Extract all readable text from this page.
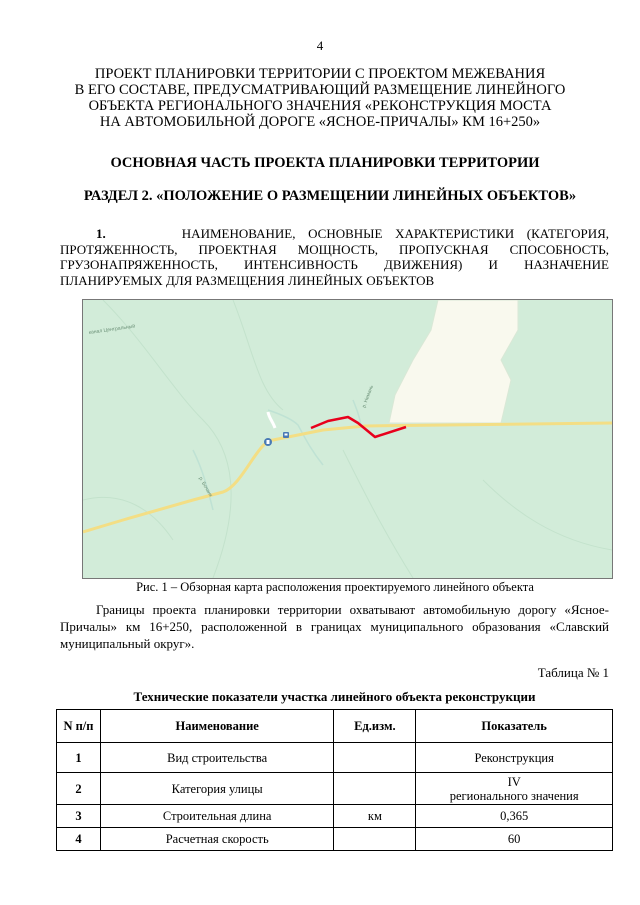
4
ПРОЕКТ ПЛАНИРОВКИ ТЕРРИТОРИИ С ПРОЕКТОМ МЕЖЕВАНИЯ
В ЕГО СОСТАВЕ, ПРЕДУСМАТРИВАЮЩИЙ РАЗМЕЩЕНИЕ ЛИНЕЙНОГО
ОБЪЕКТА РЕГИОНАЛЬНОГО ЗНАЧЕНИЯ «РЕКОНСТРУКЦИЯ МОСТА
НА АВТОМОБИЛЬНОЙ ДОРОГЕ «ЯСНОЕ-ПРИЧАЛЫ» КМ 16+250»
ОСНОВНАЯ ЧАСТЬ ПРОЕКТА ПЛАНИРОВКИ ТЕРРИТОРИИ
РАЗДЕЛ 2. «ПОЛОЖЕНИЕ О РАЗМЕЩЕНИИ ЛИНЕЙНЫХ ОБЪЕКТОВ»
1.	НАИМЕНОВАНИЕ, ОСНОВНЫЕ ХАРАКТЕРИСТИКИ (КАТЕГОРИЯ,
ПРОТЯЖЕННОСТЬ, ПРОЕКТНАЯ МОЩНОСТЬ, ПРОПУСКНАЯ СПОСОБНОСТЬ,
ГРУЗОНАПРЯЖЕННОСТЬ, ИНТЕНСИВНОСТЬ ДВИЖЕНИЯ) И НАЗНАЧЕНИЕ
ПЛАНИРУЕМЫХ ДЛЯ РАЗМЕЩЕНИЯ ЛИНЕЙНЫХ ОБЪЕКТОВ
канал Центральный
р. Немань
р. Бочанк
Рис. 1 – Обзорная карта расположения проектируемого линейного объекта

Границы проекта планировки территории охватывают автомобильную дорогу «Ясное-Причалы» км 16+250, расположенной в границах муниципального образования «Славский муниципальный округ».

Таблица № 1
Технические показатели участка линейного объекта реконструкции
N п/п	Наименование	Ед.изм.	Показатель
1	Вид строительства		Реконструкция
2	Категория улицы		IV
регионального значения

3	Строительная длина	км	0,365
4	Расчетная скорость		60
